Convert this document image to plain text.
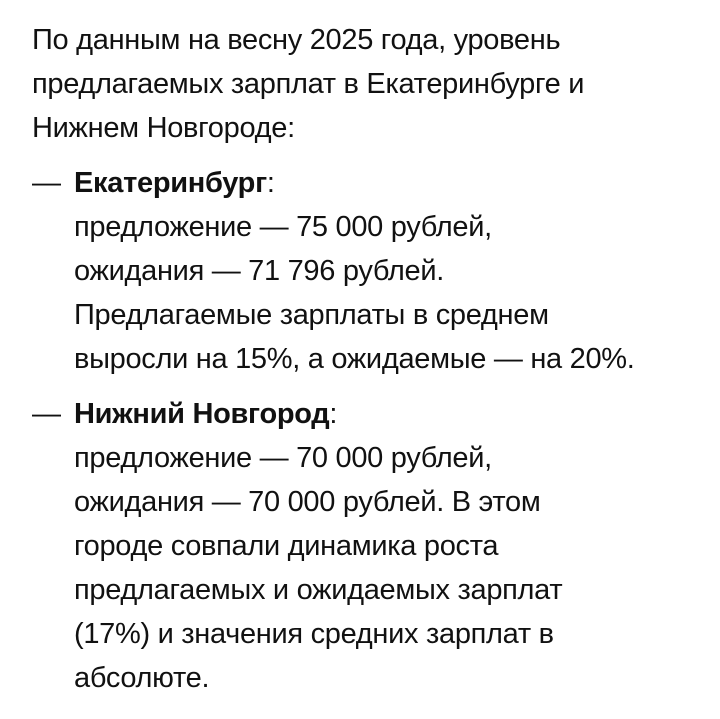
По данным на весну 2025 года, уровень
предлагаемых зарплат в Екатеринбурге и
Нижнем Новгороде:

— Екатеринбург:
предложение — 75 000 рублей,
ожидания — 71 796 рублей.
Предлагаемые зарплаты в среднем
выросли на 15%, а ожидаемые — на 20%.
— Нижний Новгород:
предложение — 70 000 рублей,
ожидания — 70 000 рублей. В этом
городе совпали динамика роста
предлагаемых и ожидаемых зарплат
(17%) и значения средних зарплат в
абсолюте.
